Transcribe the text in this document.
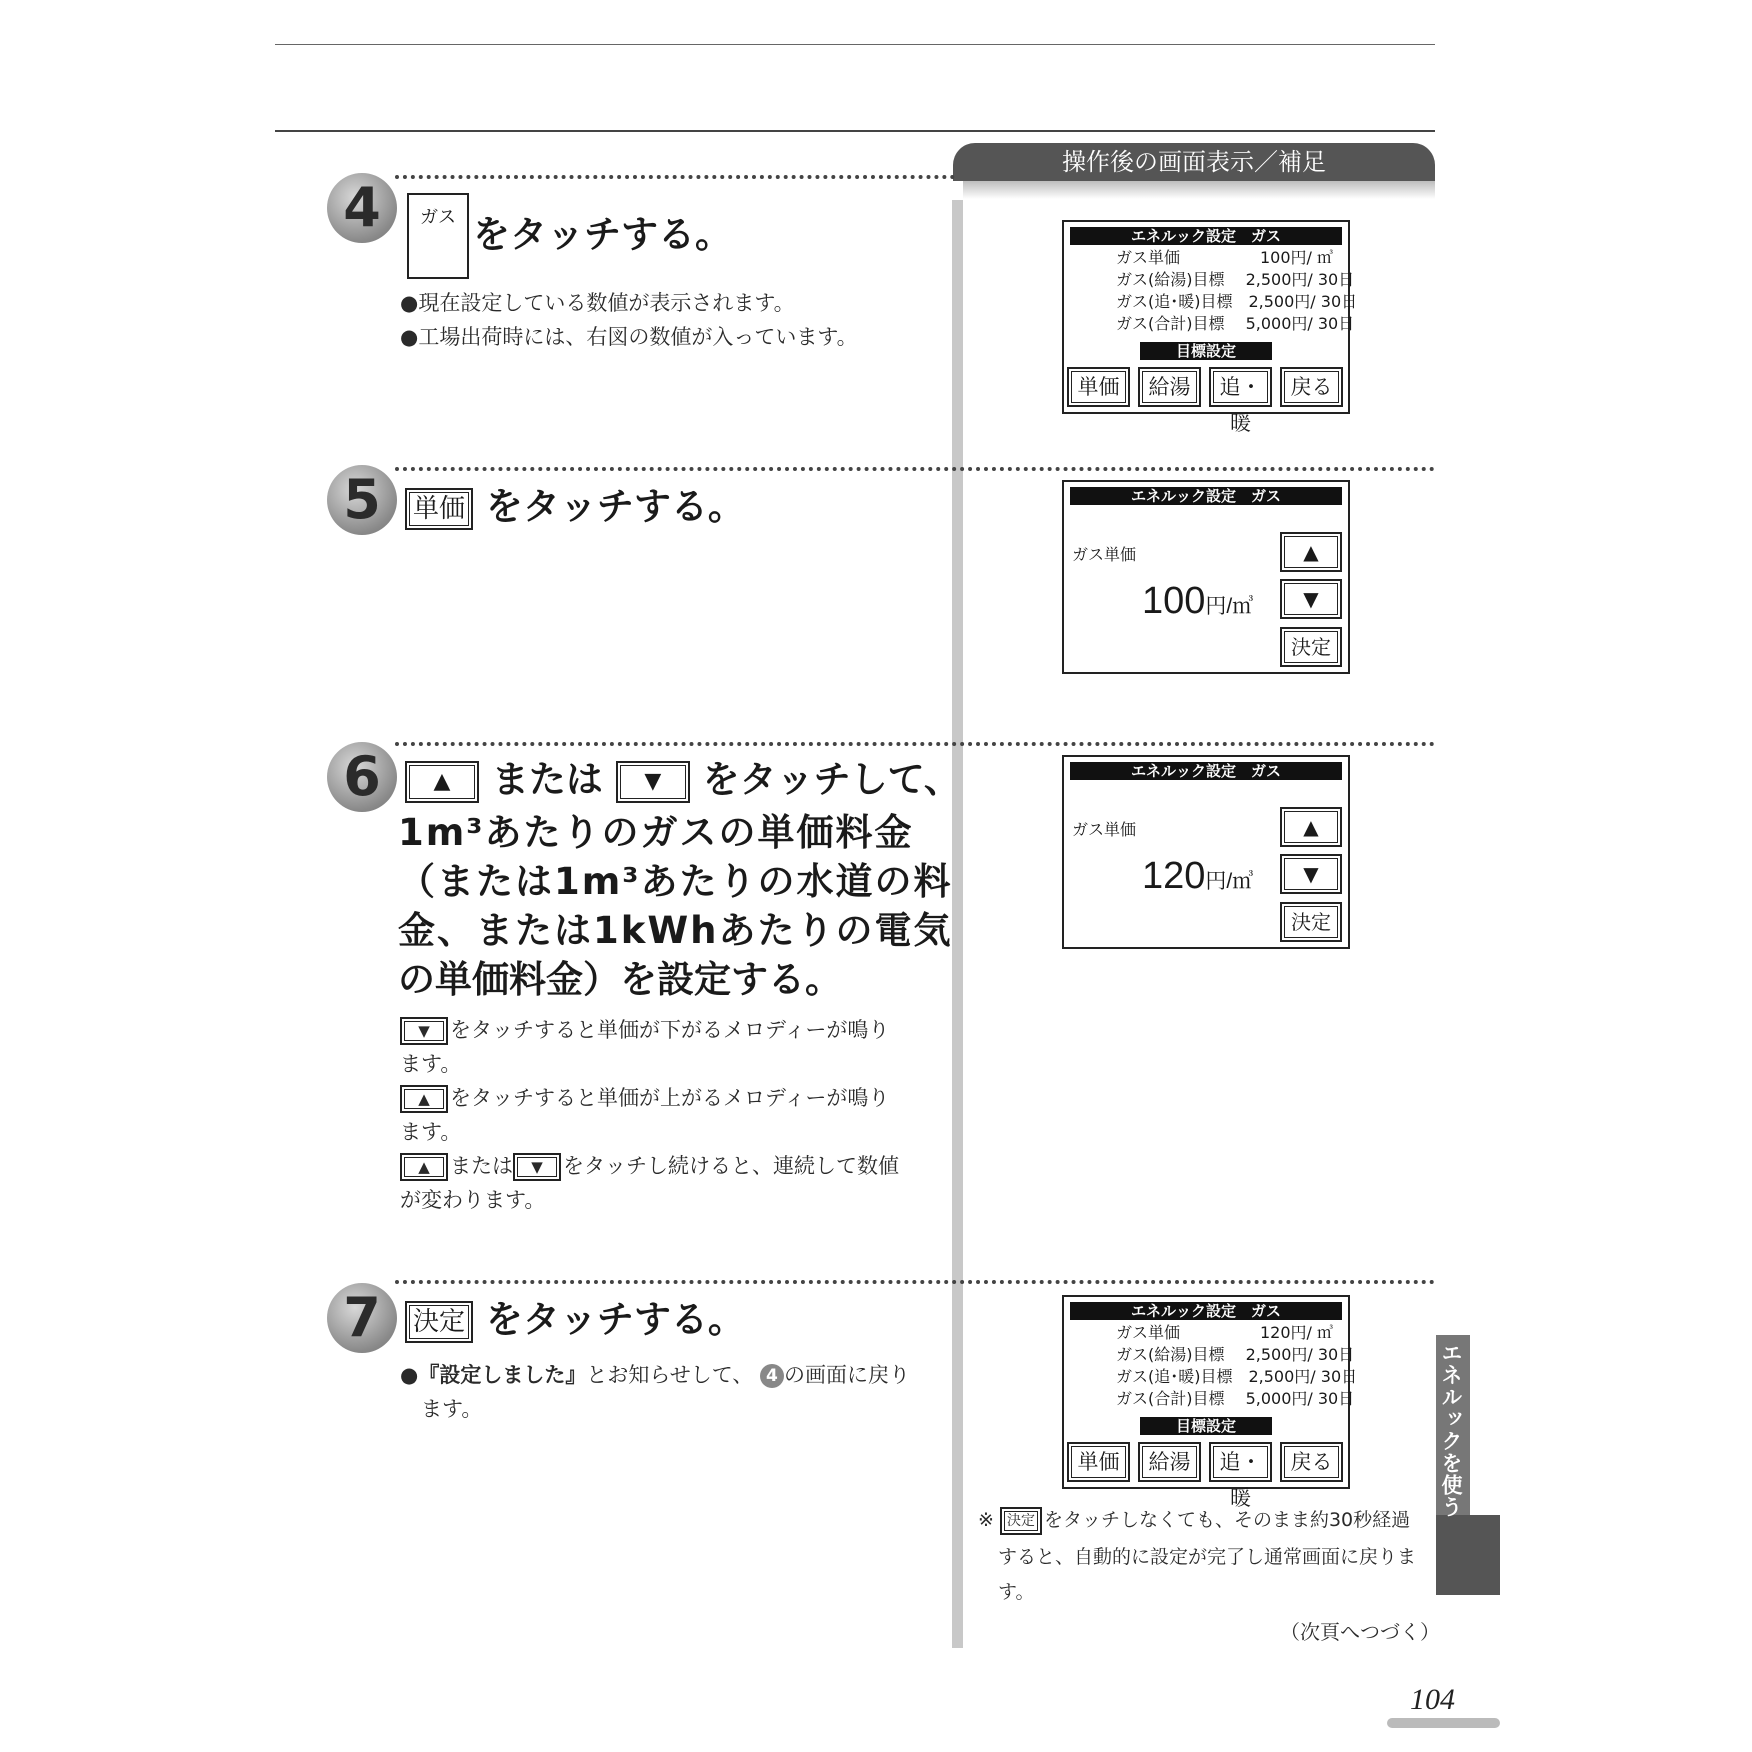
操作後の画面表示／補足
4	ガス をタッチする。
●現在設定している数値が表示されます。
●工場出荷時には、右図の数値が入っています。
5	単価 をタッチする。
6	▲ または ▼ をタッチして、
1m³あたりのガスの単価料金
（または1m³あたりの水道の料
金、または1kWhあたりの電気
の単価料金）を設定する。
▼ をタッチすると単価が下がるメロディーが鳴り
ます。
▲ をタッチすると単価が上がるメロディーが鳴り
ます。
▲ または ▼ をタッチし続けると、連続して数値
が変わります。
7	決定 をタッチする。
●『設定しました』とお知らせして、 4 の画面に戻り
ます。
エネルック設定　ガス
ガス単価　　　　　100円/ ㎥
ガス(給湯)目標　 2,500円/ 30日
ガス(追･暖)目標　2,500円/ 30日
ガス(合計)目標　 5,000円/ 30日
目標設定
単価	給湯	追・暖
戻る
エネルック設定　ガス
ガス単価
100円/㎥
▲
▼
決定
エネルック設定　ガス
ガス単価
120円/㎥
▲
▼
決定
エネルック設定　ガス
ガス単価　　　　　120円/ ㎥
ガス(給湯)目標　 2,500円/ 30日
ガス(追･暖)目標　2,500円/ 30日
ガス(合計)目標　 5,000円/ 30日
目標設定
単価	給湯	追・暖
戻る
※ 決定 をタッチしなくても、そのまま約30秒経過
すると、自動的に設定が完了し通常画面に戻りま
す。
（次頁へつづく）
エネルックを使う
104
